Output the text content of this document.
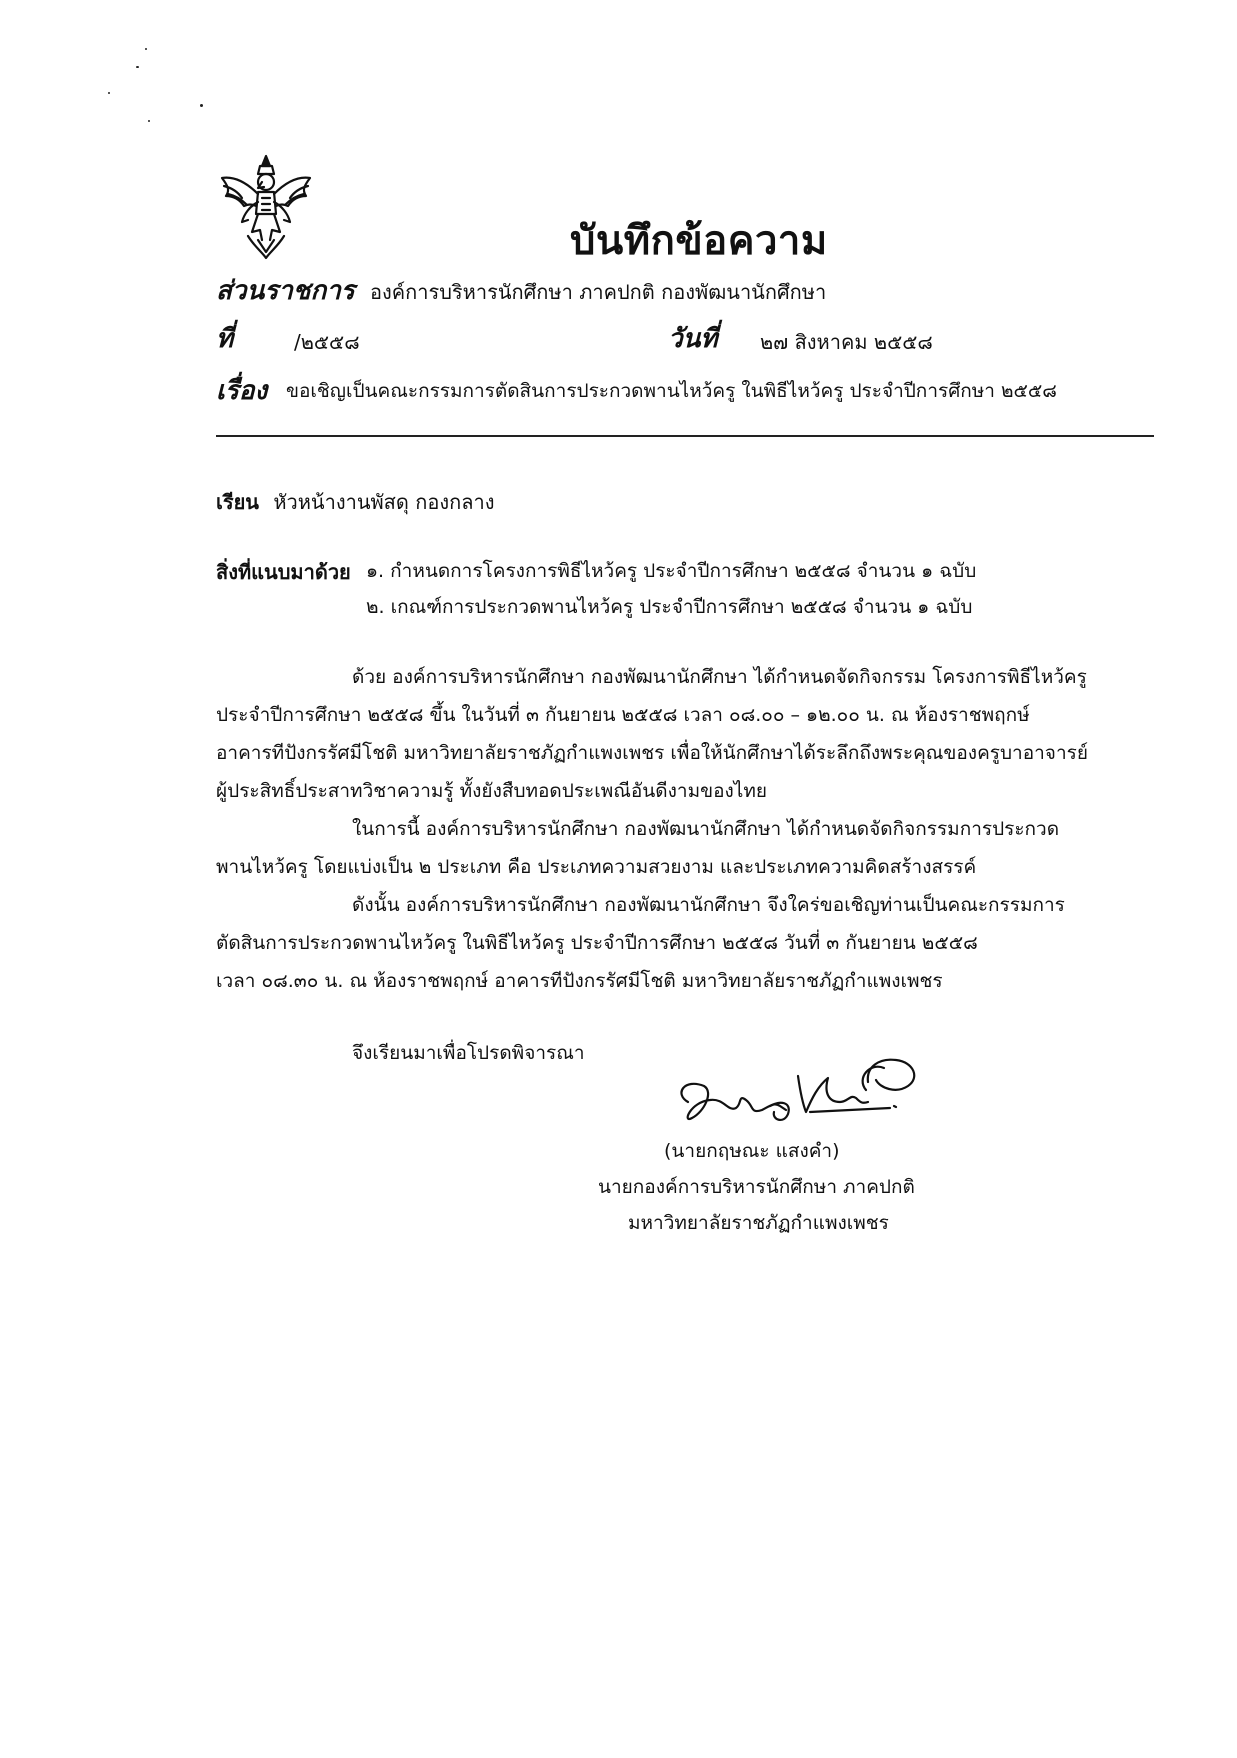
บันทึกข้อความ
ส่วนราชการ องค์การบริหารนักศึกษา ภาคปกติ กองพัฒนานักศึกษา
ที่	/๒๕๕๘	วันที่ ๒๗ สิงหาคม ๒๕๕๘
เรื่อง ขอเชิญเป็นคณะกรรมการตัดสินการประกวดพานไหว้ครู ในพิธีไหว้ครู ประจำปีการศึกษา ๒๕๕๘
เรียน หัวหน้างานพัสดุ กองกลาง
สิ่งที่แนบมาด้วย ๑. กำหนดการโครงการพิธีไหว้ครู ประจำปีการศึกษา ๒๕๕๘ จำนวน ๑ ฉบับ
๒. เกณฑ์การประกวดพานไหว้ครู ประจำปีการศึกษา ๒๕๕๘ จำนวน ๑ ฉบับ
ด้วย องค์การบริหารนักศึกษา กองพัฒนานักศึกษา ได้กำหนดจัดกิจกรรม โครงการพิธีไหว้ครู
ประจำปีการศึกษา ๒๕๕๘ ขึ้น ในวันที่ ๓ กันยายน ๒๕๕๘ เวลา ๐๘.๐๐ – ๑๒.๐๐ น. ณ ห้องราชพฤกษ์
อาคารทีปังกรรัศมีโชติ มหาวิทยาลัยราชภัฏกำแพงเพชร เพื่อให้นักศึกษาได้ระลึกถึงพระคุณของครูบาอาจารย์
ผู้ประสิทธิ์ประสาทวิชาความรู้ ทั้งยังสืบทอดประเพณีอันดีงามของไทย
ในการนี้ องค์การบริหารนักศึกษา กองพัฒนานักศึกษา ได้กำหนดจัดกิจกรรมการประกวด
พานไหว้ครู โดยแบ่งเป็น ๒ ประเภท คือ ประเภทความสวยงาม และประเภทความคิดสร้างสรรค์
ดังนั้น องค์การบริหารนักศึกษา กองพัฒนานักศึกษา จึงใคร่ขอเชิญท่านเป็นคณะกรรมการ
ตัดสินการประกวดพานไหว้ครู ในพิธีไหว้ครู ประจำปีการศึกษา ๒๕๕๘ วันที่ ๓ กันยายน ๒๕๕๘
เวลา ๐๘.๓๐ น. ณ ห้องราชพฤกษ์ อาคารทีปังกรรัศมีโชติ มหาวิทยาลัยราชภัฏกำแพงเพชร
จึงเรียนมาเพื่อโปรดพิจารณา
(นายกฤษณะ แสงคำ)
นายกองค์การบริหารนักศึกษา ภาคปกติ
มหาวิทยาลัยราชภัฏกำแพงเพชร
